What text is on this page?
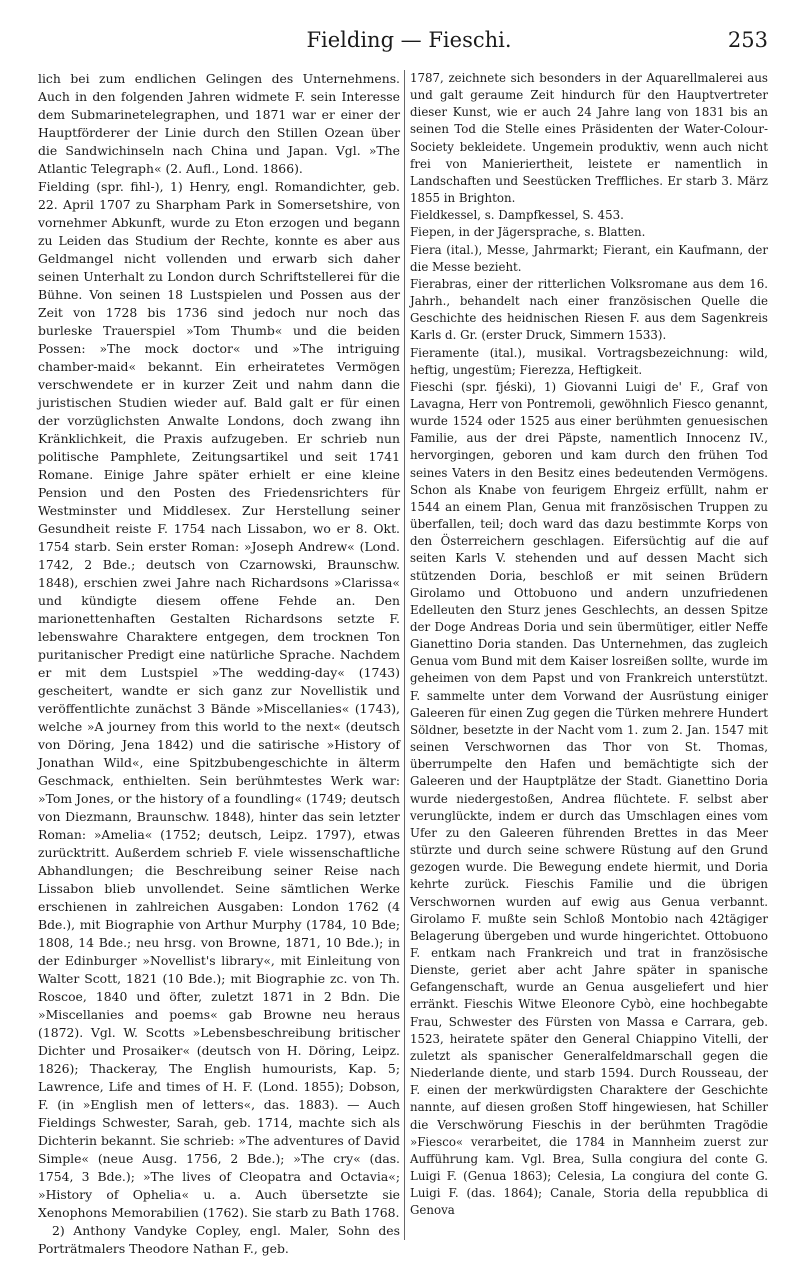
Fielding — Fieschi.	253

lich bei zum endlichen Gelingen des Unternehmens. Auch in den folgenden Jahren widmete F. sein Interesse dem Submarinetelegraphen, und 1871 war er einer der Hauptförderer der Linie durch den Stillen Ozean über die Sandwichinseln nach China und Japan. Vgl. »The Atlantic Telegraph« (2. Aufl., Lond. 1866).

Fielding (spr. fihl-), 1) Henry, engl. Romandichter, geb. 22. April 1707 zu Sharpham Park in Somersetshire, von vornehmer Abkunft, wurde zu Eton erzogen und begann zu Leiden das Studium der Rechte, konnte es aber aus Geldmangel nicht vollenden und erwarb sich daher seinen Unterhalt zu London durch Schriftstellerei für die Bühne. Von seinen 18 Lustspielen und Possen aus der Zeit von 1728 bis 1736 sind jedoch nur noch das burleske Trauerspiel »Tom Thumb« und die beiden Possen: »The mock doctor« und »The intriguing chamber-maid« bekannt. Ein erheiratetes Vermögen verschwendete er in kurzer Zeit und nahm dann die juristischen Studien wieder auf. Bald galt er für einen der vorzüglichsten Anwalte Londons, doch zwang ihn Kränklichkeit, die Praxis aufzugeben. Er schrieb nun politische Pamphlete, Zeitungsartikel und seit 1741 Romane. Einige Jahre später erhielt er eine kleine Pension und den Posten des Friedensrichters für Westminster und Middlesex. Zur Herstellung seiner Gesundheit reiste F. 1754 nach Lissabon, wo er 8. Okt. 1754 starb. Sein erster Roman: »Joseph Andrew« (Lond. 1742, 2 Bde.; deutsch von Czarnowski, Braunschw. 1848), erschien zwei Jahre nach Richardsons »Clarissa« und kündigte diesem offene Fehde an. Den marionettenhaften Gestalten Richardsons setzte F. lebenswahre Charaktere entgegen, dem trocknen Ton puritanischer Predigt eine natürliche Sprache. Nachdem er mit dem Lustspiel »The wedding-day« (1743) gescheitert, wandte er sich ganz zur Novellistik und veröffentlichte zunächst 3 Bände »Miscellanies« (1743), welche »A journey from this world to the next« (deutsch von Döring, Jena 1842) und die satirische »History of Jonathan Wild«, eine Spitzbubengeschichte in älterm Geschmack, enthielten. Sein berühmtestes Werk war: »Tom Jones, or the history of a foundling« (1749; deutsch von Diezmann, Braunschw. 1848), hinter das sein letzter Roman: »Amelia« (1752; deutsch, Leipz. 1797), etwas zurücktritt. Außerdem schrieb F. viele wissenschaftliche Abhandlungen; die Beschreibung seiner Reise nach Lissabon blieb unvollendet. Seine sämtlichen Werke erschienen in zahlreichen Ausgaben: London 1762 (4 Bde.), mit Biographie von Arthur Murphy (1784, 10 Bde; 1808, 14 Bde.; neu hrsg. von Browne, 1871, 10 Bde.); in der Edinburger »Novellist's library«, mit Einleitung von Walter Scott, 1821 (10 Bde.); mit Biographie zc. von Th. Roscoe, 1840 und öfter, zuletzt 1871 in 2 Bdn. Die »Miscellanies and poems« gab Browne neu heraus (1872). Vgl. W. Scotts »Lebensbeschreibung britischer Dichter und Prosaiker« (deutsch von H. Döring, Leipz. 1826); Thackeray, The English humourists, Kap. 5; Lawrence, Life and times of H. F. (Lond. 1855); Dobson, F. (in »English men of letters«, das. 1883). — Auch Fieldings Schwester, Sarah, geb. 1714, machte sich als Dichterin bekannt. Sie schrieb: »The adventures of David Simple« (neue Ausg. 1756, 2 Bde.); »The cry« (das. 1754, 3 Bde.); »The lives of Cleopatra and Octavia«; »History of Ophelia« u. a. Auch übersetzte sie Xenophons Memorabilien (1762). Sie starb zu Bath 1768.

2) Anthony Vandyke Copley, engl. Maler, Sohn des Porträtmalers Theodore Nathan F., geb.

1787, zeichnete sich besonders in der Aquarellmalerei aus und galt geraume Zeit hindurch für den Hauptvertreter dieser Kunst, wie er auch 24 Jahre lang von 1831 bis an seinen Tod die Stelle eines Präsidenten der Water-Colour-Society bekleidete. Ungemein produktiv, wenn auch nicht frei von Manieriertheit, leistete er namentlich in Landschaften und Seestücken Treffliches. Er starb 3. März 1855 in Brighton.

Fieldkessel, s. Dampfkessel, S. 453.

Fiepen, in der Jägersprache, s. Blatten.

Fiera (ital.), Messe, Jahrmarkt; Fierant, ein Kaufmann, der die Messe bezieht.

Fierabras, einer der ritterlichen Volksromane aus dem 16. Jahrh., behandelt nach einer französischen Quelle die Geschichte des heidnischen Riesen F. aus dem Sagenkreis Karls d. Gr. (erster Druck, Simmern 1533).

Fieramente (ital.), musikal. Vortragsbezeichnung: wild, heftig, ungestüm; Fierezza, Heftigkeit.

Fieschi (spr. fjéski), 1) Giovanni Luigi de' F., Graf von Lavagna, Herr von Pontremoli, gewöhnlich Fiesco genannt, wurde 1524 oder 1525 aus einer berühmten genuesischen Familie, aus der drei Päpste, namentlich Innocenz IV., hervorgingen, geboren und kam durch den frühen Tod seines Vaters in den Besitz eines bedeutenden Vermögens. Schon als Knabe von feurigem Ehrgeiz erfüllt, nahm er 1544 an einem Plan, Genua mit französischen Truppen zu überfallen, teil; doch ward das dazu bestimmte Korps von den Österreichern geschlagen. Eifersüchtig auf die auf seiten Karls V. stehenden und auf dessen Macht sich stützenden Doria, beschloß er mit seinen Brüdern Girolamo und Ottobuono und andern unzufriedenen Edelleuten den Sturz jenes Geschlechts, an dessen Spitze der Doge Andreas Doria und sein übermütiger, eitler Neffe Gianettino Doria standen. Das Unternehmen, das zugleich Genua vom Bund mit dem Kaiser losreißen sollte, wurde im geheimen von dem Papst und von Frankreich unterstützt. F. sammelte unter dem Vorwand der Ausrüstung einiger Galeeren für einen Zug gegen die Türken mehrere Hundert Söldner, besetzte in der Nacht vom 1. zum 2. Jan. 1547 mit seinen Verschwornen das Thor von St. Thomas, überrumpelte den Hafen und bemächtigte sich der Galeeren und der Hauptplätze der Stadt. Gianettino Doria wurde niedergestoßen, Andrea flüchtete. F. selbst aber verunglückte, indem er durch das Umschlagen eines vom Ufer zu den Galeeren führenden Brettes in das Meer stürzte und durch seine schwere Rüstung auf den Grund gezogen wurde. Die Bewegung endete hiermit, und Doria kehrte zurück. Fieschis Familie und die übrigen Verschwornen wurden auf ewig aus Genua verbannt. Girolamo F. mußte sein Schloß Montobio nach 42tägiger Belagerung übergeben und wurde hingerichtet. Ottobuono F. entkam nach Frankreich und trat in französische Dienste, geriet aber acht Jahre später in spanische Gefangenschaft, wurde an Genua ausgeliefert und hier erränkt. Fieschis Witwe Eleonore Cybò, eine hochbegabte Frau, Schwester des Fürsten von Massa e Carrara, geb. 1523, heiratete später den General Chiappino Vitelli, der zuletzt als spanischer Generalfeldmarschall gegen die Niederlande diente, und starb 1594. Durch Rousseau, der F. einen der merkwürdigsten Charaktere der Geschichte nannte, auf diesen großen Stoff hingewiesen, hat Schiller die Verschwörung Fieschis in der berühmten Tragödie »Fiesco« verarbeitet, die 1784 in Mannheim zuerst zur Aufführung kam. Vgl. Brea, Sulla congiura del conte G. Luigi F. (Genua 1863); Celesia, La congiura del conte G. Luigi F. (das. 1864); Canale, Storia della repubblica di Genova
